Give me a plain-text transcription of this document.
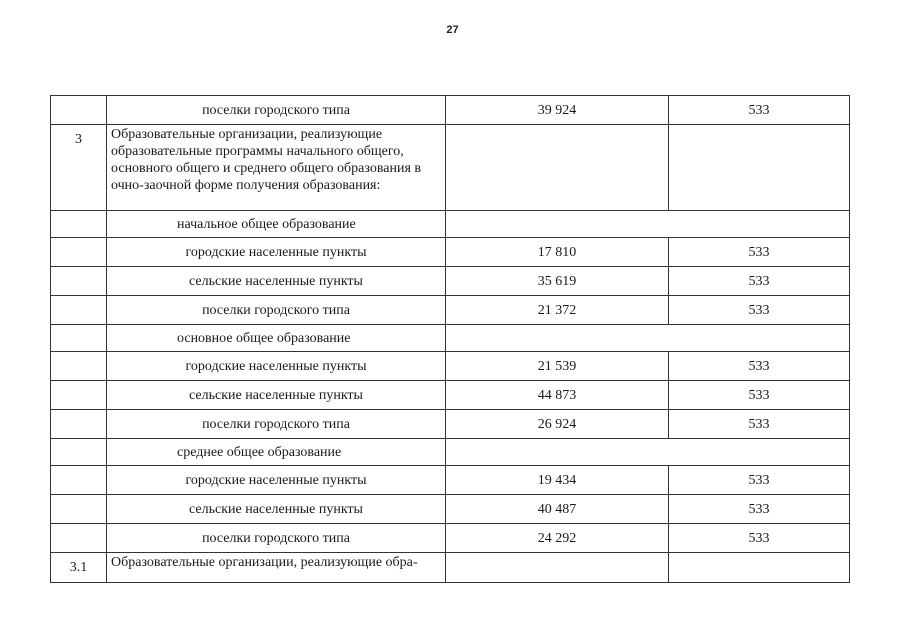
27
	поселки городского типа	39 924	533
3	Образовательные организации, реализующие образовательные программы начального общего, основного общего и среднего общего образования в очно-заочной форме получения образования:		
	начальное общее образование		
	городские населенные пункты	17 810	533
	сельские населенные пункты	35 619	533
	поселки городского типа	21 372	533
	основное общее образование		
	городские населенные пункты	21 539	533
	сельские населенные пункты	44 873	533
	поселки городского типа	26 924	533
	среднее общее образование		
	городские населенные пункты	19 434	533
	сельские населенные пункты	40 487	533
	поселки городского типа	24 292	533
3.1	Образовательные организации, реализующие обра-		
